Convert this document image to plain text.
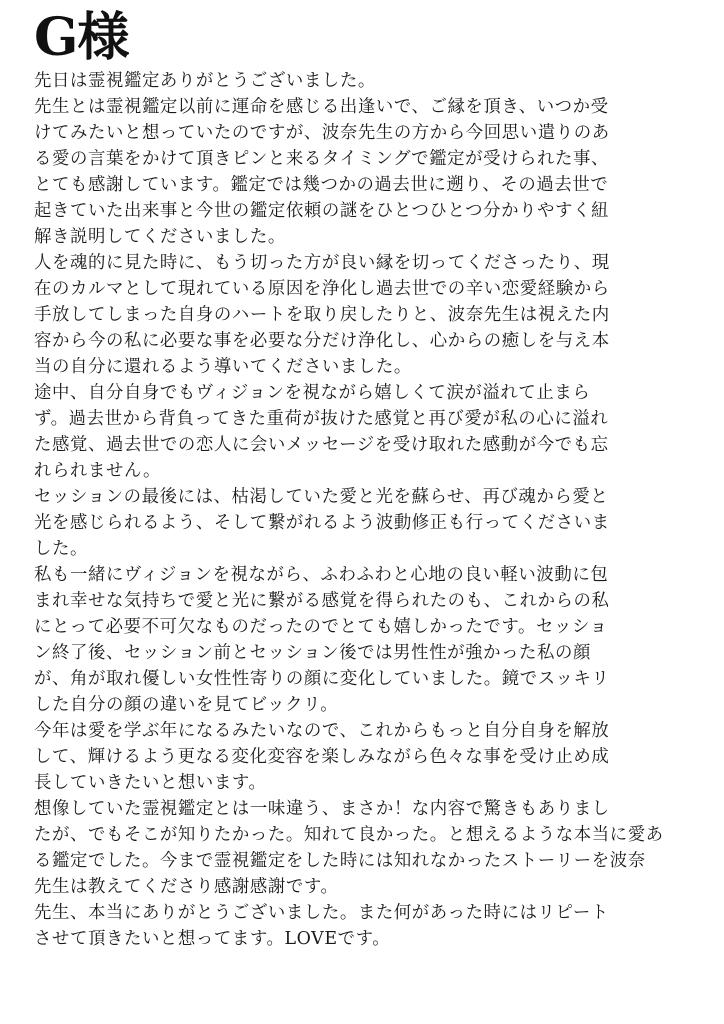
G様
先日は霊視鑑定ありがとうございました。
先生とは霊視鑑定以前に運命を感じる出逢いで、ご縁を頂き、いつか受
けてみたいと想っていたのですが、波奈先生の方から今回思い遣りのあ
る愛の言葉をかけて頂きピンと来るタイミングで鑑定が受けられた事、
とても感謝しています。鑑定では幾つかの過去世に遡り、その過去世で
起きていた出来事と今世の鑑定依頼の謎をひとつひとつ分かりやすく紐
解き説明してくださいました。
人を魂的に見た時に、もう切った方が良い縁を切ってくださったり、現
在のカルマとして現れている原因を浄化し過去世での辛い恋愛経験から
手放してしまった自身のハートを取り戻したりと、波奈先生は視えた内
容から今の私に必要な事を必要な分だけ浄化し、心からの癒しを与え本
当の自分に還れるよう導いてくださいました。
途中、自分自身でもヴィジョンを視ながら嬉しくて涙が溢れて止まら
ず。過去世から背負ってきた重荷が抜けた感覚と再び愛が私の心に溢れ
た感覚、過去世での恋人に会いメッセージを受け取れた感動が今でも忘
れられません。
セッションの最後には、枯渇していた愛と光を蘇らせ、再び魂から愛と
光を感じられるよう、そして繋がれるよう波動修正も行ってくださいま
した。
私も一緒にヴィジョンを視ながら、ふわふわと心地の良い軽い波動に包
まれ幸せな気持ちで愛と光に繋がる感覚を得られたのも、これからの私
にとって必要不可欠なものだったのでとても嬉しかったです。セッショ
ン終了後、セッション前とセッション後では男性性が強かった私の顔
が、角が取れ優しい女性性寄りの顔に変化していました。鏡でスッキリ
した自分の顔の違いを見てビックリ。
今年は愛を学ぶ年になるみたいなので、これからもっと自分自身を解放
して、輝けるよう更なる変化変容を楽しみながら色々な事を受け止め成
長していきたいと想います。
想像していた霊視鑑定とは一味違う、まさか！な内容で驚きもありまし
たが、でもそこが知りたかった。知れて良かった。と想えるような本当に愛あ
る鑑定でした。今まで霊視鑑定をした時には知れなかったストーリーを波奈
先生は教えてくださり感謝感謝です。
先生、本当にありがとうございました。また何があった時にはリピート
させて頂きたいと想ってます。LOVEです。
